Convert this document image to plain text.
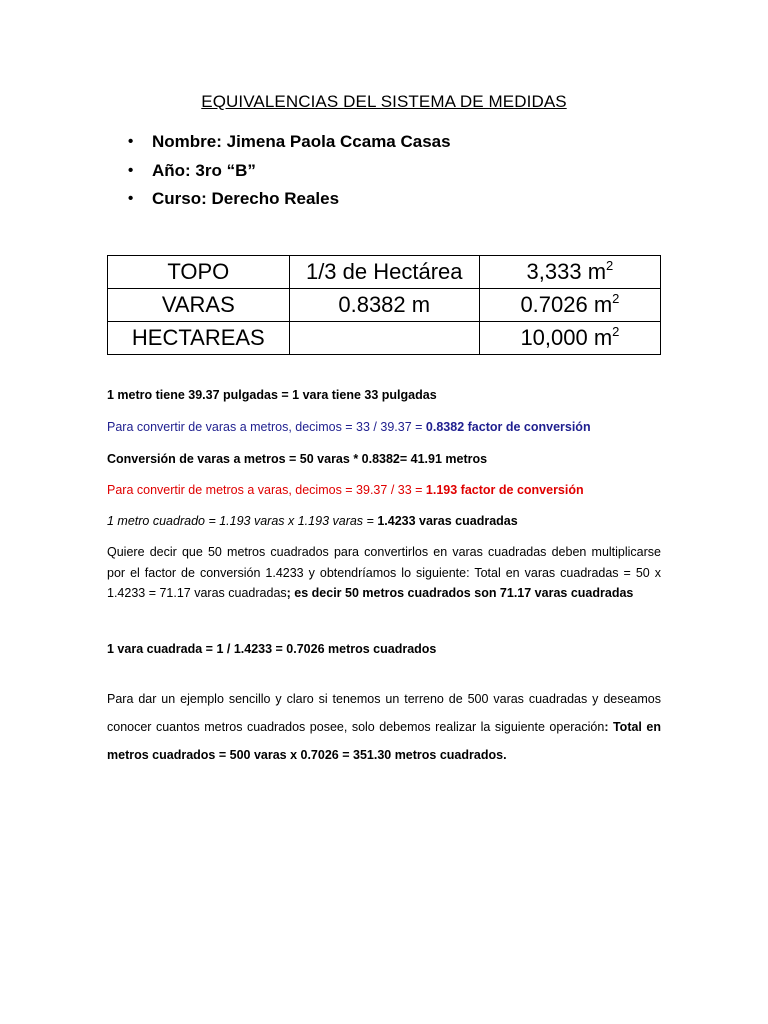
EQUIVALENCIAS DEL SISTEMA DE MEDIDAS
• Nombre: Jimena Paola Ccama Casas
• Año: 3ro “B”
• Curso: Derecho Reales
TOPO	1/3 de Hectárea	3,333 $m^2$
VARAS	0.8382 m	0.7026 $m^2$
HECTAREAS		10,000 $m^2$

1 metro tiene 39.37 pulgadas = 1 vara tiene 33 pulgadas

Para convertir de varas a metros, decimos = 33 / 39.37 = 0.8382 factor de conversión

Conversión de varas a metros = 50 varas * 0.8382= 41.91 metros

Para convertir de metros a varas, decimos = 39.37 / 33 = 1.193 factor de conversión

1 metro cuadrado = 1.193 varas x 1.193 varas = 1.4233 varas cuadradas

Quiere decir que 50 metros cuadrados para convertirlos en varas cuadradas deben multiplicarse por el factor de conversión 1.4233 y obtendríamos lo siguiente: Total en varas cuadradas = 50 x 1.4233 = 71.17 varas cuadradas; es decir 50 metros cuadrados son 71.17 varas cuadradas

1 vara cuadrada = 1 / 1.4233 = 0.7026 metros cuadrados

Para dar un ejemplo sencillo y claro si tenemos un terreno de 500 varas cuadradas y deseamos conocer cuantos metros cuadrados posee, solo debemos realizar la siguiente operación: Total en metros cuadrados = 500 varas x 0.7026 = 351.30 metros cuadrados.
